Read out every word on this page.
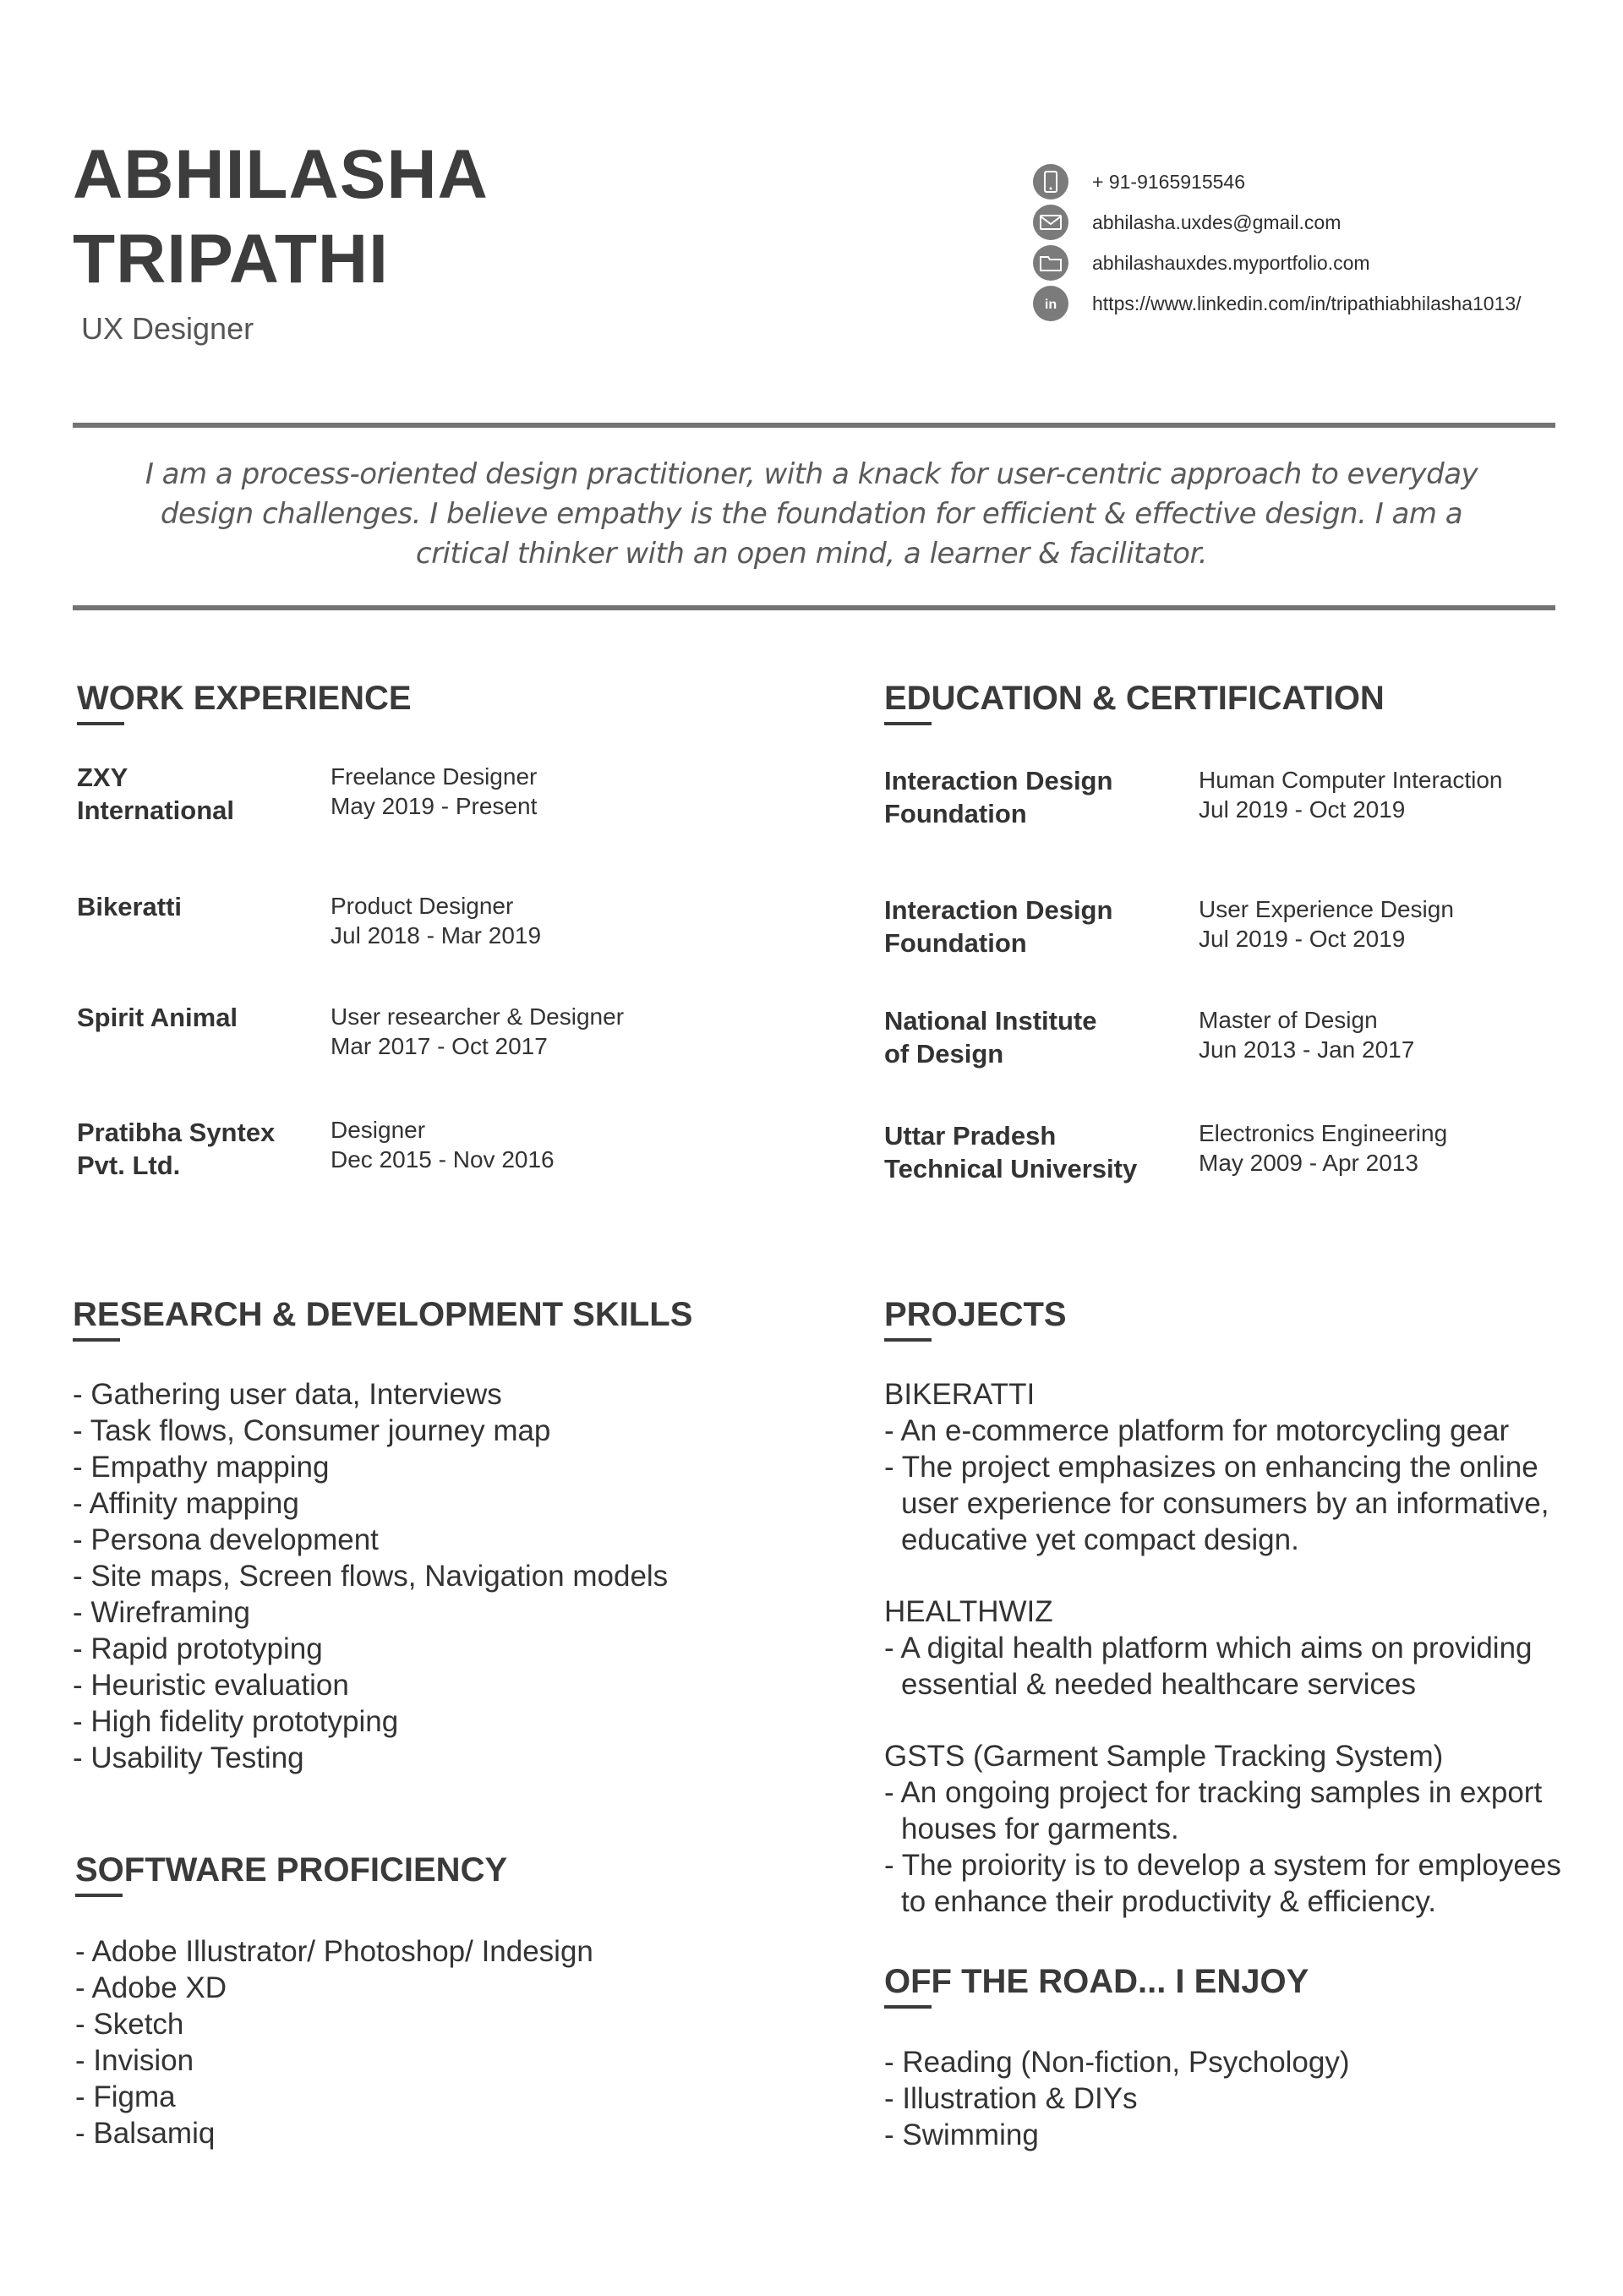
ABHILASHA
TRIPATHI
UX Designer
+ 91-9165915546
abhilasha.uxdes@gmail.com
abhilashauxdes.myportfolio.com
in https://www.linkedin.com/in/tripathiabhilasha1013/
I am a process-oriented design practitioner, with a knack for user-centric approach to everyday design challenges. I believe empathy is the foundation for efficient & effective design. I am a critical thinker with an open mind, a learner & facilitator.
WORK EXPERIENCE
ZXY
International
Freelance Designer
May 2019 - Present
Bikeratti	Product Designer
Jul 2018 - Mar 2019
Spirit Animal	User researcher & Designer
Mar 2017 - Oct 2017
Pratibha Syntex
Pvt. Ltd.
Designer
Dec 2015 - Nov 2016
EDUCATION & CERTIFICATION
Interaction Design
Foundation
Human Computer Interaction
Jul 2019 - Oct 2019
Interaction Design
Foundation
User Experience Design
Jul 2019 - Oct 2019
National Institute
of Design
Master of Design
Jun 2013 - Jan 2017
Uttar Pradesh
Technical University
Electronics Engineering
May 2009 - Apr 2013
RESEARCH & DEVELOPMENT SKILLS
- Gathering user data, Interviews
- Task flows, Consumer journey map
- Empathy mapping
- Affinity mapping
- Persona development
- Site maps, Screen flows, Navigation models
- Wireframing
- Rapid prototyping
- Heuristic evaluation
- High fidelity prototyping
- Usability Testing
SOFTWARE PROFICIENCY
- Adobe Illustrator/ Photoshop/ Indesign
- Adobe XD
- Sketch
- Invision
- Figma
- Balsamiq
PROJECTS
BIKERATTI
- An e-commerce platform for motorcycling gear
- The project emphasizes on enhancing the online user experience for consumers by an informative, educative yet compact design.
HEALTHWIZ
- A digital health platform which aims on providing essential & needed healthcare services
GSTS (Garment Sample Tracking System)
- An ongoing project for tracking samples in export houses for garments.
- The proiority is to develop a system for employees to enhance their productivity & efficiency.
OFF THE ROAD... I ENJOY
- Reading (Non-fiction, Psychology)
- Illustration & DIYs
- Swimming
